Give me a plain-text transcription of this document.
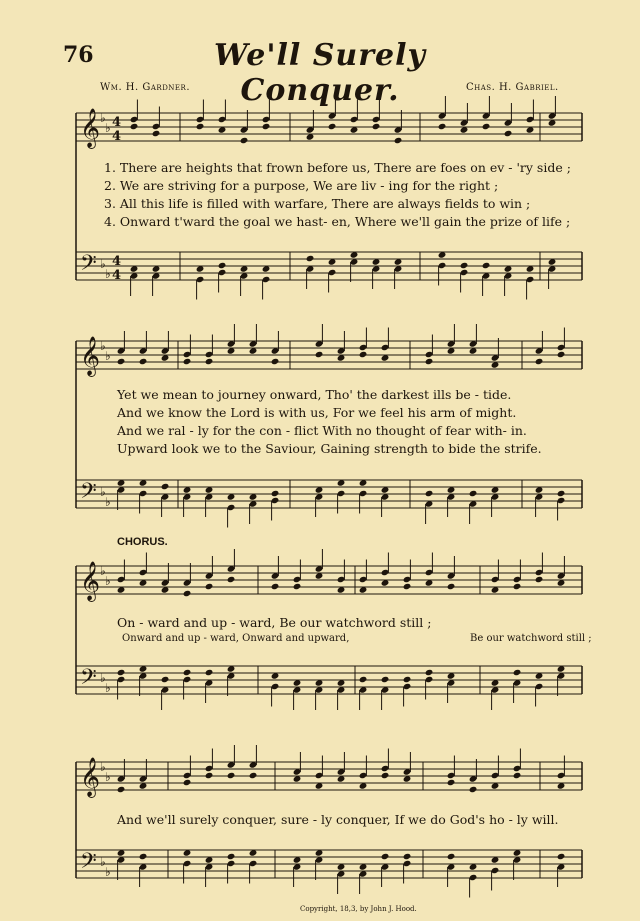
76	We'll Surely Conquer.
Wm. H. Gardner.	Chas. H. Gabriel.
1. There are heights that frown before us, There are foes on ev - 'ry side ;
2. We are striving for a purpose, We are liv - ing for the right ;
3. All this life is filled with warfare, There are always fields to win ;
4. Onward t'ward the goal we hast- en, Where we'll gain the prize of life ;
Yet we mean to journey onward, Tho' the darkest ills be - tide.
And we know the Lord is with us, For we feel his arm of might.
And we ral - ly for the con - flict With no thought of fear with- in.
Upward look we to the Saviour, Gaining strength to bide the strife.
CHORUS.
On - ward and up - ward, Be our watchword still ;
Onward and up - ward, Onward and upward,	Be our watchword still ;
And we'll surely conquer, sure - ly conquer, If we do God's ho - ly will.
Copyright, 18,3, by John J. Hood.
𝄞
𝄢
♭
♭
♭
♭
4
4
4
4
𝄞
𝄢
♭
♭
♭
♭
𝄞
𝄢
♭
♭
♭
♭
𝄞
𝄢
♭
♭
♭
♭
